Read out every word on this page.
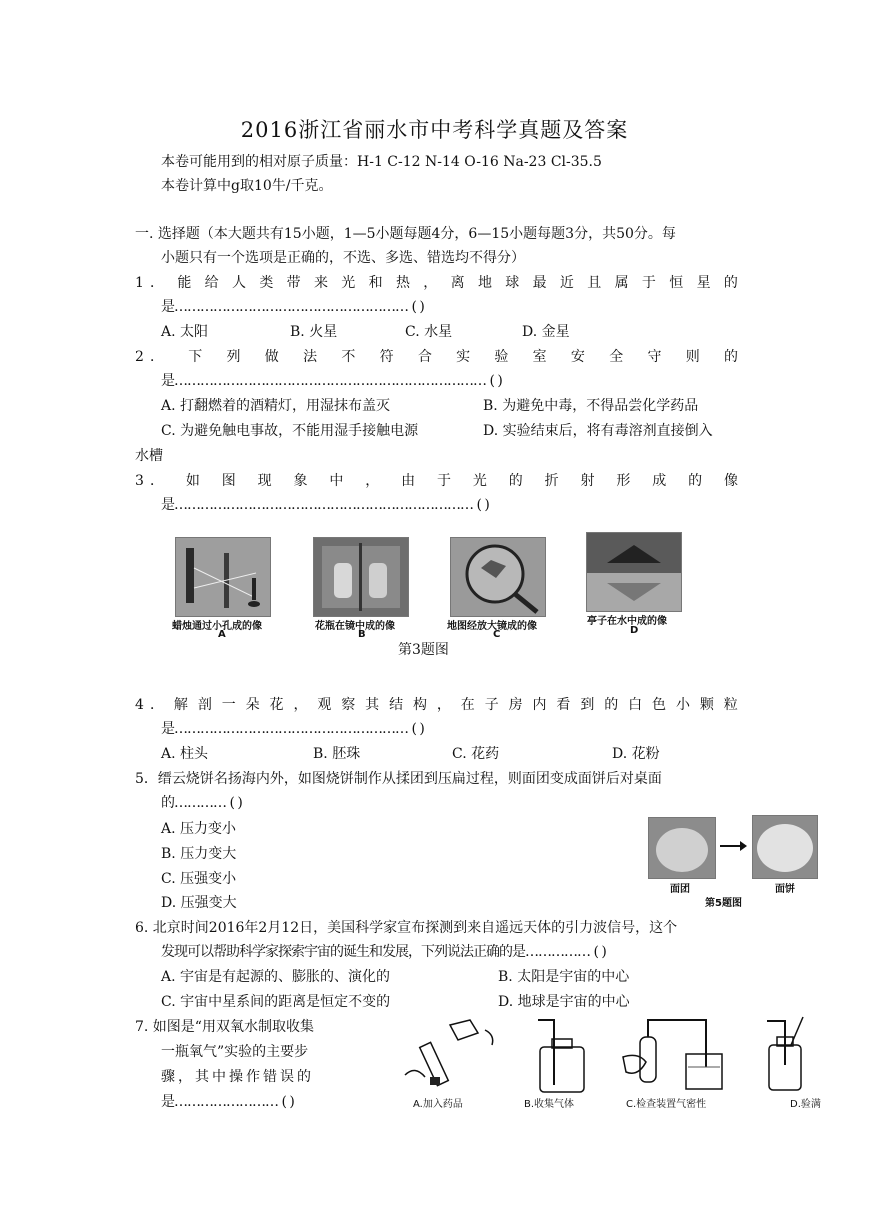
2016浙江省丽水市中考科学真题及答案
本卷可能用到的相对原子质量：H-1 C-12 N-14 O-16 Na-23 Cl-35.5
本卷计算中g取10牛/千克。
一. 选择题（本大题共有15小题，1—5小题每题4分，6—15小题每题3分，共50分。每
小题只有一个选项是正确的，不选、多选、错选均不得分）
1 ． 能 给 人 类 带 来 光 和 热 ， 离 地 球 最 近 且 属 于 恒 星 的
是……………………………………………… ( )
A. 太阳	B. 火星	C. 水星	D. 金星
2 ． 下 列 做 法 不 符 合 实 验 室 安 全 守 则 的
是……………………………………………………………… ( )
A. 打翻燃着的酒精灯，用湿抹布盖灭	B. 为避免中毒，不得品尝化学药品
C. 为避免触电事故，不能用湿手接触电源	D. 实验结束后，将有毒溶剂直接倒入
水槽
3 ． 如 图 现 象 中 ， 由 于 光 的 折 射 形 成 的 像
是…………………………………………………………… ( )
蜡烛通过小孔成的像
A
花瓶在镜中成的像
B
地图经放大镜成的像
C
亭子在水中成的像
D
第3题图
4 ． 解 剖 一 朵 花 ， 观 察 其 结 构 ， 在 子 房 内 看 到 的 白 色 小 颗 粒
是……………………………………………… ( )
A. 柱头	B. 胚珠	C. 花药	D. 花粉
5．缙云烧饼名扬海内外，如图烧饼制作从揉团到压扁过程，则面团变成面饼后对桌面
的………… ( )
A. 压力变小
B. 压力变大
C. 压强变小
D. 压强变大
面团	面饼
第5题图
6. 北京时间2016年2月12日，美国科学家宣布探测到来自遥远天体的引力波信号，这个
发现可以帮助科学家探索宇宙的诞生和发展，下列说法正确的是…………… ( )
A. 宇宙是有起源的、膨胀的、演化的	B. 太阳是宇宙的中心
C. 宇宙中星系间的距离是恒定不变的	D. 地球是宇宙的中心
7. 如图是“用双氧水制取收集
一瓶氧气”实验的主要步
骤，其中操作错误的
是…………………… ( )	A.加入药品	B.收集气体	C.检查装置气密性	D.验满
